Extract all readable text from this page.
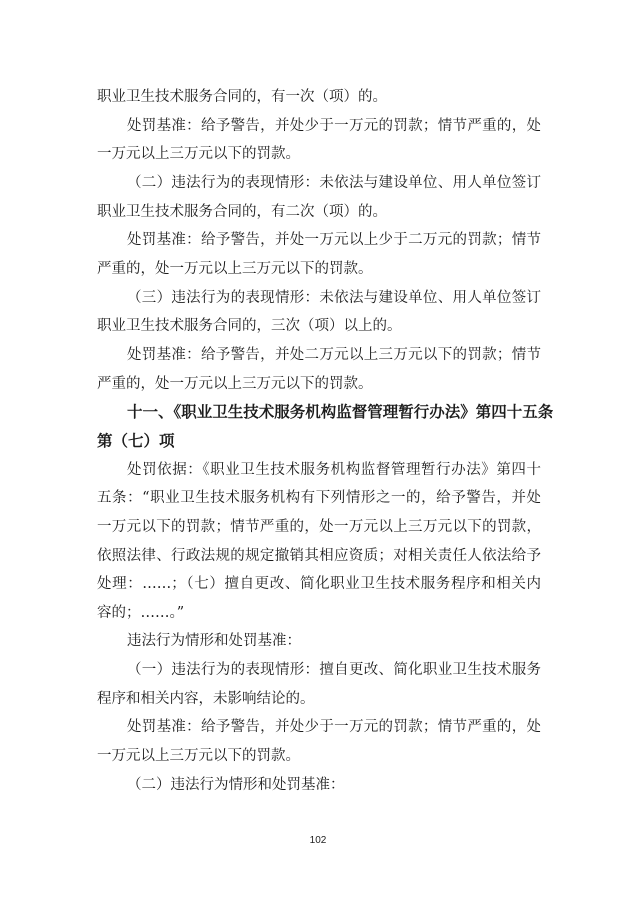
职业卫生技术服务合同的，有一次（项）的。
处罚基准：给予警告，并处少于一万元的罚款；情节严重的，处
一万元以上三万元以下的罚款。
（二）违法行为的表现情形：未依法与建设单位、用人单位签订
职业卫生技术服务合同的，有二次（项）的。
处罚基准：给予警告，并处一万元以上少于二万元的罚款；情节
严重的，处一万元以上三万元以下的罚款。
（三）违法行为的表现情形：未依法与建设单位、用人单位签订
职业卫生技术服务合同的，三次（项）以上的。
处罚基准：给予警告，并处二万元以上三万元以下的罚款；情节
严重的，处一万元以上三万元以下的罚款。
十一、《职业卫生技术服务机构监督管理暂行办法》第四十五条
第（七）项
处罚依据：《职业卫生技术服务机构监督管理暂行办法》第四十
五条：“职业卫生技术服务机构有下列情形之一的，给予警告，并处
一万元以下的罚款；情节严重的，处一万元以上三万元以下的罚款，
依照法律、行政法规的规定撤销其相应资质；对相关责任人依法给予
处理：……；（七）擅自更改、简化职业卫生技术服务程序和相关内
容的；……。”
违法行为情形和处罚基准：
（一）违法行为的表现情形：擅自更改、简化职业卫生技术服务
程序和相关内容，未影响结论的。
处罚基准：给予警告，并处少于一万元的罚款；情节严重的，处
一万元以上三万元以下的罚款。
（二）违法行为情形和处罚基准：
102
